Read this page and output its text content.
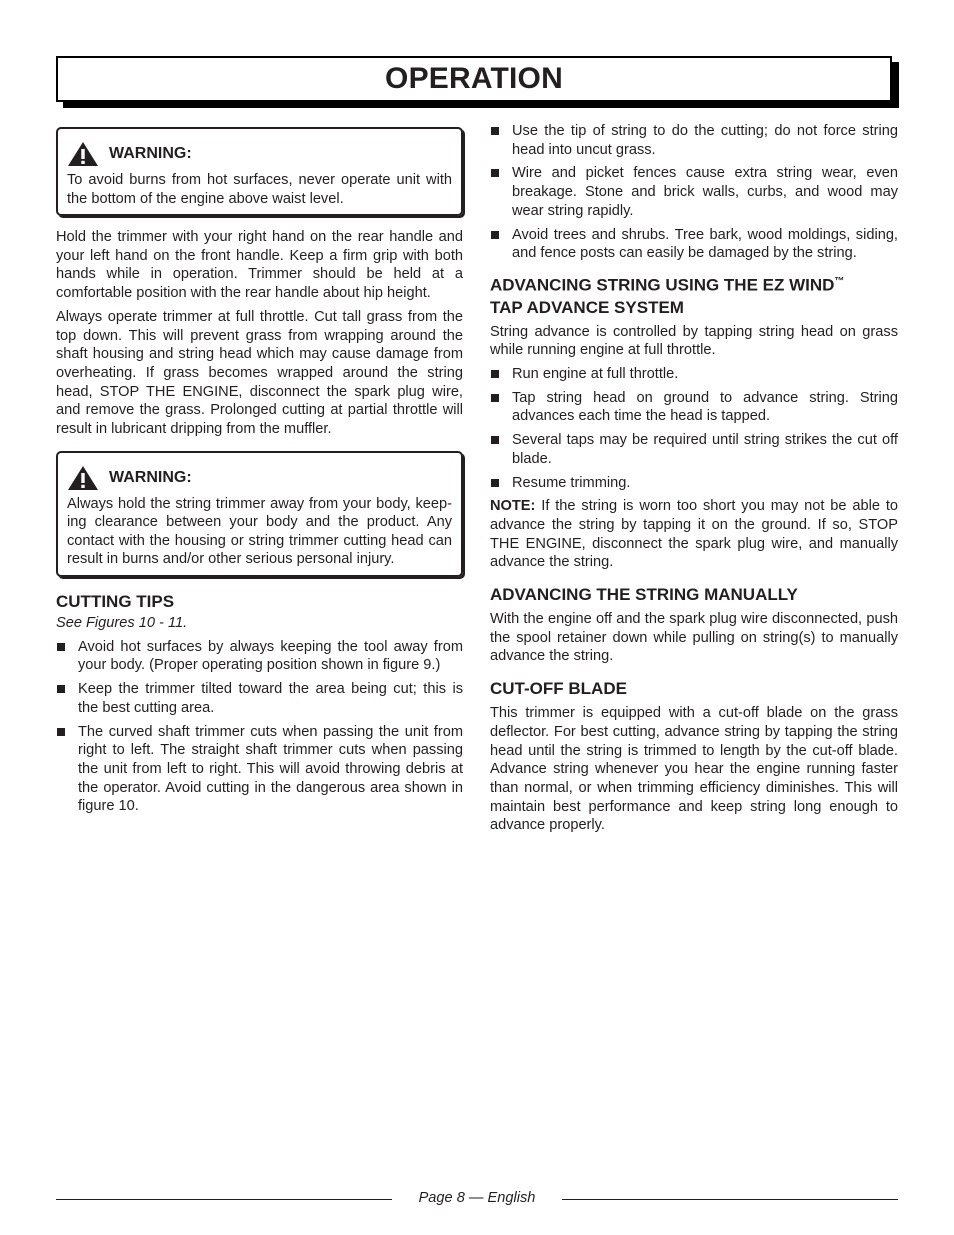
OPERATION
WARNING:
To avoid burns from hot surfaces, never operate unit with the bottom of the engine above waist level.

Hold the trimmer with your right hand on the rear handle and your left hand on the front handle. Keep a firm grip with both hands while in operation. Trimmer should be held at a comfortable position with the rear handle about hip height.

Always operate trimmer at full throttle. Cut tall grass from the top down. This will prevent grass from wrapping around the shaft housing and string head which may cause damage from overheating. If grass becomes wrapped around the string head, STOP THE ENGINE, disconnect the spark plug wire, and remove the grass. Prolonged cutting at partial throttle will result in lubricant dripping from the muffler.

WARNING:
Always hold the string trimmer away from your body, keep-ing clearance between your body and the product. Any contact with the housing or string trimmer cutting head can result in burns and/or other serious personal injury.
CUTTING TIPS
See Figures 10 - 11.
Avoid hot surfaces by always keeping the tool away from your body. (Proper operating position shown in figure 9.)
Keep the trimmer tilted toward the area being cut; this is the best cutting area.
The curved shaft trimmer cuts when passing the unit from right to left. The straight shaft trimmer cuts when passing the unit from left to right. This will avoid throwing debris at the operator. Avoid cutting in the dangerous area shown in figure 10.
Use the tip of string to do the cutting; do not force string head into uncut grass.
Wire and picket fences cause extra string wear, even breakage. Stone and brick walls, curbs, and wood may wear string rapidly.
Avoid trees and shrubs. Tree bark, wood moldings, siding, and fence posts can easily be damaged by the string.
ADVANCING STRING USING THE EZ WIND™
TAP ADVANCE SYSTEM

String advance is controlled by tapping string head on grass while running engine at full throttle.

Run engine at full throttle.
Tap string head on ground to advance string. String advances each time the head is tapped.
Several taps may be required until string strikes the cut off blade.
Resume trimming.

NOTE: If the string is worn too short you may not be able to advance the string by tapping it on the ground. If so, STOP THE ENGINE, disconnect the spark plug wire, and manually advance the string.

ADVANCING THE STRING MANUALLY

With the engine off and the spark plug wire disconnected, push the spool retainer down while pulling on string(s) to manually advance the string.

CUT-OFF BLADE

This trimmer is equipped with a cut-off blade on the grass deflector. For best cutting, advance string by tapping the string head until the string is trimmed to length by the cut-off blade. Advance string whenever you hear the engine running faster than normal, or when trimming efficiency diminishes. This will maintain best performance and keep string long enough to advance properly.

Page 8 — English
